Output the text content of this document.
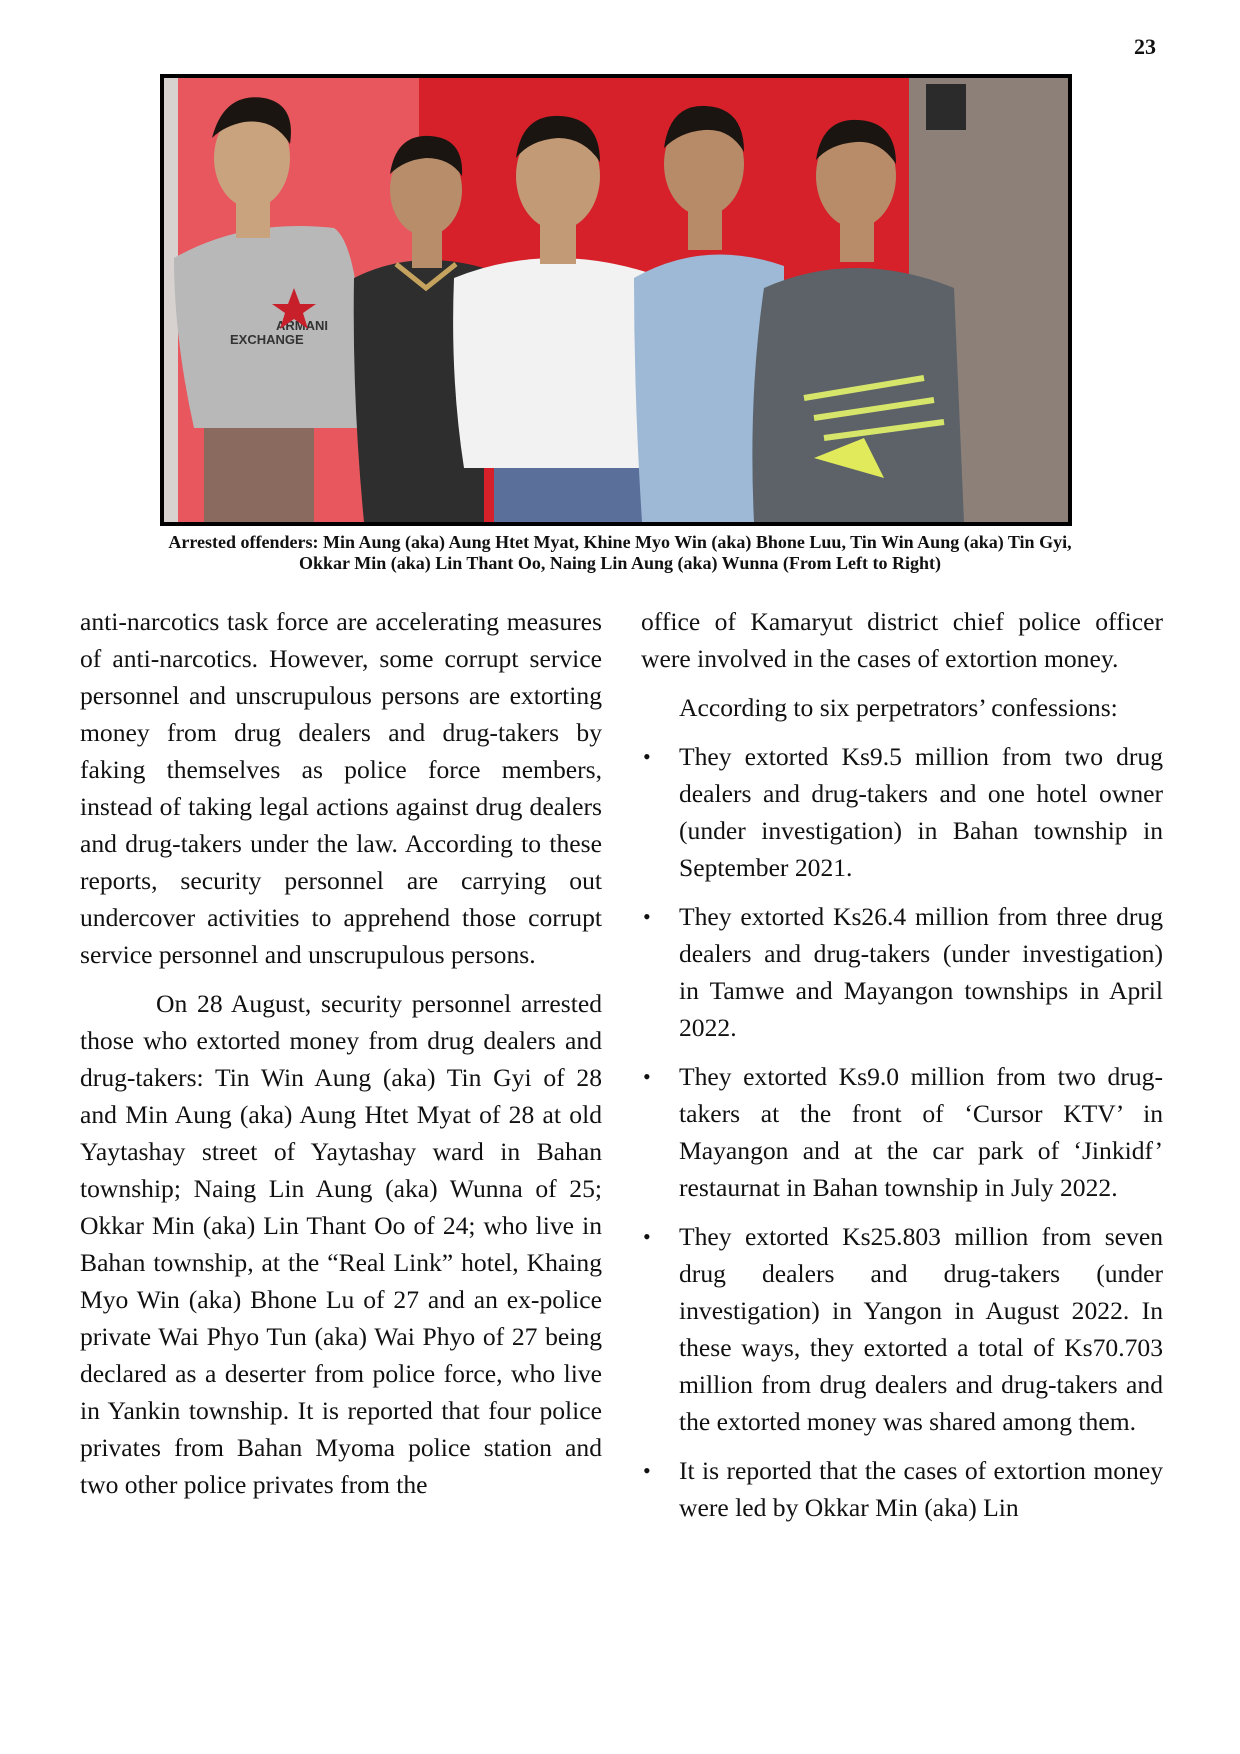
23
ARMANI
EXCHANGE
Arrested offenders: Min Aung (aka) Aung Htet Myat, Khine Myo Win (aka) Bhone Luu, Tin Win Aung (aka) Tin Gyi,
Okkar Min (aka) Lin Thant Oo, Naing Lin Aung (aka) Wunna (From Left to Right)

anti-narcotics task force are accelerating measures of anti-narcotics. However, some corrupt service personnel and unscrupulous persons are extorting money from drug dealers and drug-takers by faking themselves as police force members, instead of taking legal actions against drug dealers and drug-takers under the law. According to these reports, security personnel are carrying out undercover activities to apprehend those corrupt service personnel and unscrupulous persons.

On 28 August, security personnel arrested those who extorted money from drug dealers and drug-takers: Tin Win Aung (aka) Tin Gyi of 28 and Min Aung (aka) Aung Htet Myat of 28 at old Yaytashay street of Yaytashay ward in Bahan township; Naing Lin Aung (aka) Wunna of 25; Okkar Min (aka) Lin Thant Oo of 24; who live in Bahan township, at the “Real Link” hotel, Khaing Myo Win (aka) Bhone Lu of 27 and an ex-police private Wai Phyo Tun (aka) Wai Phyo of 27 being declared as a deserter from police force, who live in Yankin township. It is reported that four police privates from Bahan Myoma police station and two other police privates from the

office of Kamaryut district chief police officer were involved in the cases of extortion money.

According to six perpetrators’ confessions:

• They extorted Ks9.5 million from two drug dealers and drug-takers and one hotel owner (under investigation) in Bahan township in September 2021.
• They extorted Ks26.4 million from three drug dealers and drug-takers (under investigation) in Tamwe and Mayangon townships in April 2022.
• They extorted Ks9.0 million from two drug-takers at the front of ‘Cursor KTV’ in Mayangon and at the car park of ‘Jinkidf’ restaurnat in Bahan township in July 2022.
• They extorted Ks25.803 million from seven drug dealers and drug-takers (under investigation) in Yangon in August 2022. In these ways, they extorted a total of Ks70.703 million from drug dealers and drug-takers and the extorted money was shared among them.
• It is reported that the cases of extortion money were led by Okkar Min (aka) Lin
